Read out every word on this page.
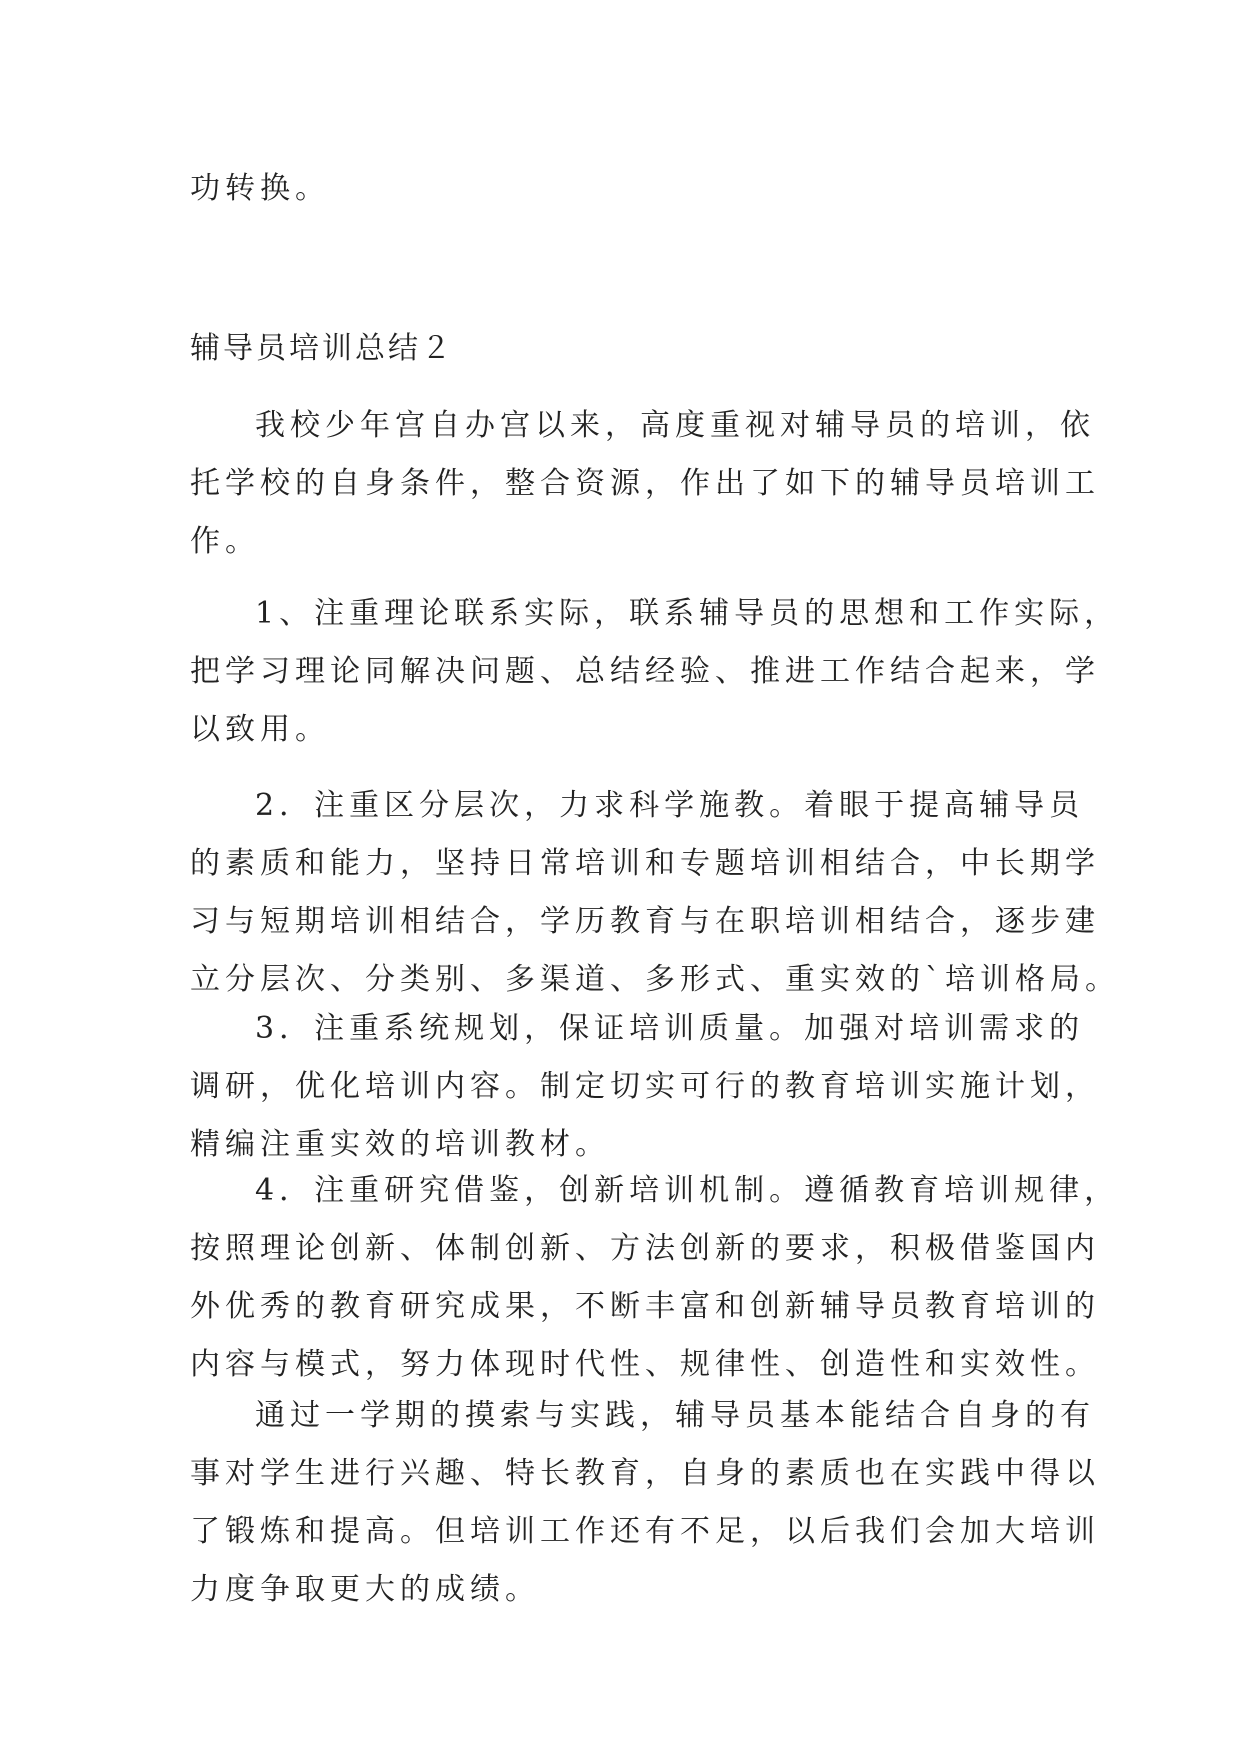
功转换。
辅导员培训总结２
我校少年宫自办宫以来，高度重视对辅导员的培训，依
托学校的自身条件，整合资源，作出了如下的辅导员培训工
作。
1、注重理论联系实际，联系辅导员的思想和工作实际，
把学习理论同解决问题、总结经验、推进工作结合起来，学
以致用。
2．注重区分层次，力求科学施教。着眼于提高辅导员
的素质和能力，坚持日常培训和专题培训相结合，中长期学
习与短期培训相结合，学历教育与在职培训相结合，逐步建
立分层次、分类别、多渠道、多形式、重实效的`培训格局。
3．注重系统规划，保证培训质量。加强对培训需求的
调研，优化培训内容。制定切实可行的教育培训实施计划，
精编注重实效的培训教材。
4．注重研究借鉴，创新培训机制。遵循教育培训规律，
按照理论创新、体制创新、方法创新的要求，积极借鉴国内
外优秀的教育研究成果，不断丰富和创新辅导员教育培训的
内容与模式，努力体现时代性、规律性、创造性和实效性。
通过一学期的摸索与实践，辅导员基本能结合自身的有
事对学生进行兴趣、特长教育，自身的素质也在实践中得以
了锻炼和提高。但培训工作还有不足，以后我们会加大培训
力度争取更大的成绩。
